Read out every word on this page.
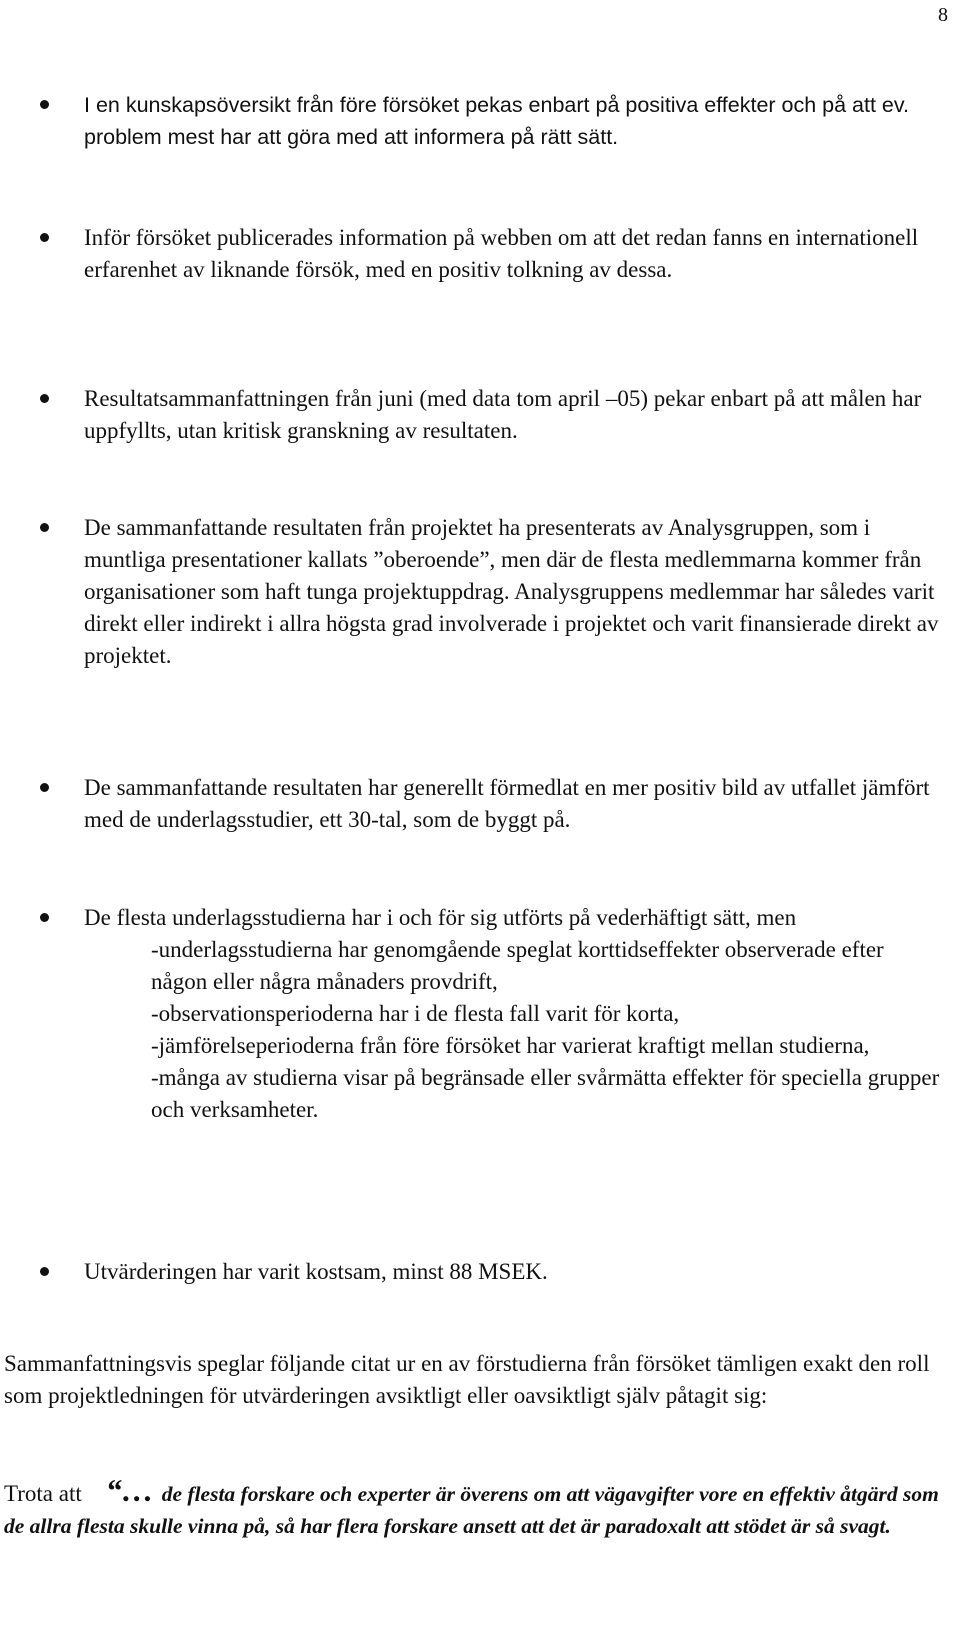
8

I en kunskapsöversikt från före försöket pekas enbart på positiva effekter och på att ev. problem mest har att göra med att informera på rätt sätt.

Inför försöket publicerades information på webben om att det redan fanns en internationell erfarenhet av liknande försök, med en positiv tolkning av dessa.

Resultatsammanfattningen från juni (med data tom april –05) pekar enbart på att målen har uppfyllts, utan kritisk granskning av resultaten.

De sammanfattande resultaten från projektet ha presenterats av Analysgruppen, som i muntliga presentationer kallats ”oberoende”, men där de flesta medlemmarna kommer från organisationer som haft tunga projektuppdrag. Analysgruppens medlemmar har således varit direkt eller indirekt i allra högsta grad involverade i projektet och varit finansierade direkt av projektet.

De sammanfattande resultaten har generellt förmedlat en mer positiv bild av utfallet jämfört med de underlagsstudier, ett 30-tal, som de byggt på.

De flesta underlagsstudierna har i och för sig utförts på vederhäftigt sätt, men
-underlagsstudierna har genomgående speglat korttidseffekter observerade efter någon eller några månaders provdrift,
-observationsperioderna har i de flesta fall varit för korta,
-jämförelseperioderna från före försöket har varierat kraftigt mellan studierna,
-många av studierna visar på begränsade eller svårmätta effekter för speciella grupper och verksamheter.

Utvärderingen har varit kostsam, minst 88 MSEK.

Sammanfattningsvis speglar följande citat ur en av förstudierna från försöket tämligen exakt den roll som projektledningen för utvärderingen avsiktligt eller oavsiktligt själv påtagit sig:

Trota att “… de flesta forskare och experter är överens om att vägavgifter vore en effektiv åtgärd som de allra flesta skulle vinna på, så har flera forskare ansett att det är paradoxalt att stödet är så svagt.
